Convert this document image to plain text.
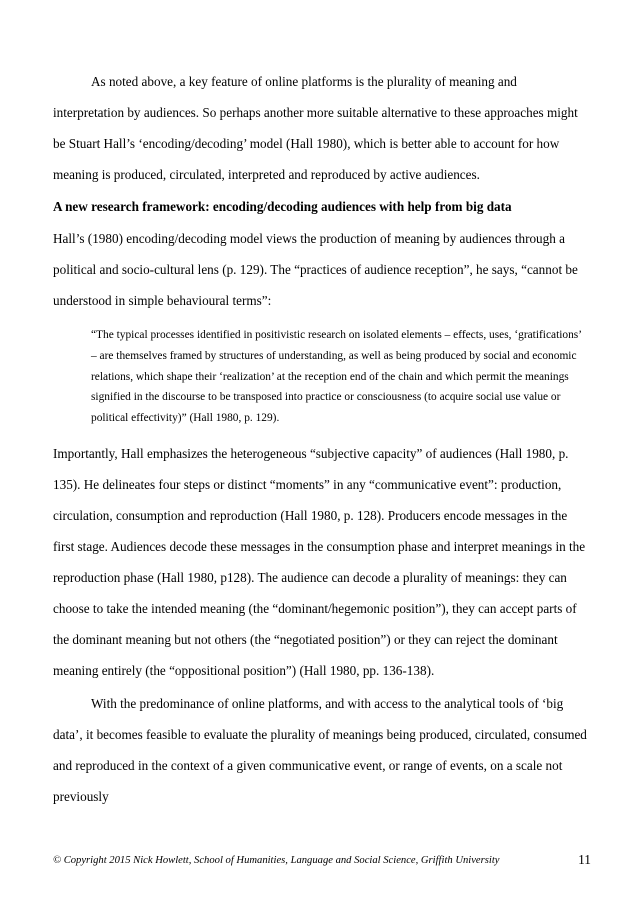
As noted above, a key feature of online platforms is the plurality of meaning and interpretation by audiences. So perhaps another more suitable alternative to these approaches might be Stuart Hall’s ‘encoding/decoding’ model (Hall 1980), which is better able to account for how meaning is produced, circulated, interpreted and reproduced by active audiences.

A new research framework: encoding/decoding audiences with help from big data

Hall’s (1980) encoding/decoding model views the production of meaning by audiences through a political and socio-cultural lens (p. 129). The “practices of audience reception”, he says, “cannot be understood in simple behavioural terms”:

“The typical processes identified in positivistic research on isolated elements – effects, uses, ‘gratifications’ – are themselves framed by structures of understanding, as well as being produced by social and economic relations, which shape their ‘realization’ at the reception end of the chain and which permit the meanings signified in the discourse to be transposed into practice or consciousness (to acquire social use value or political effectivity)” (Hall 1980, p. 129).

Importantly, Hall emphasizes the heterogeneous “subjective capacity” of audiences (Hall 1980, p. 135). He delineates four steps or distinct “moments” in any “communicative event”: production, circulation, consumption and reproduction (Hall 1980, p. 128). Producers encode messages in the first stage. Audiences decode these messages in the consumption phase and interpret meanings in the reproduction phase (Hall 1980, p128). The audience can decode a plurality of meanings: they can choose to take the intended meaning (the “dominant/hegemonic position”), they can accept parts of the dominant meaning but not others (the “negotiated position”) or they can reject the dominant meaning entirely (the “oppositional position”) (Hall 1980, pp. 136-138).

With the predominance of online platforms, and with access to the analytical tools of ‘big data’, it becomes feasible to evaluate the plurality of meanings being produced, circulated, consumed and reproduced in the context of a given communicative event, or range of events, on a scale not previously

© Copyright 2015 Nick Howlett, School of Humanities, Language and Social Science, Griffith University	11
